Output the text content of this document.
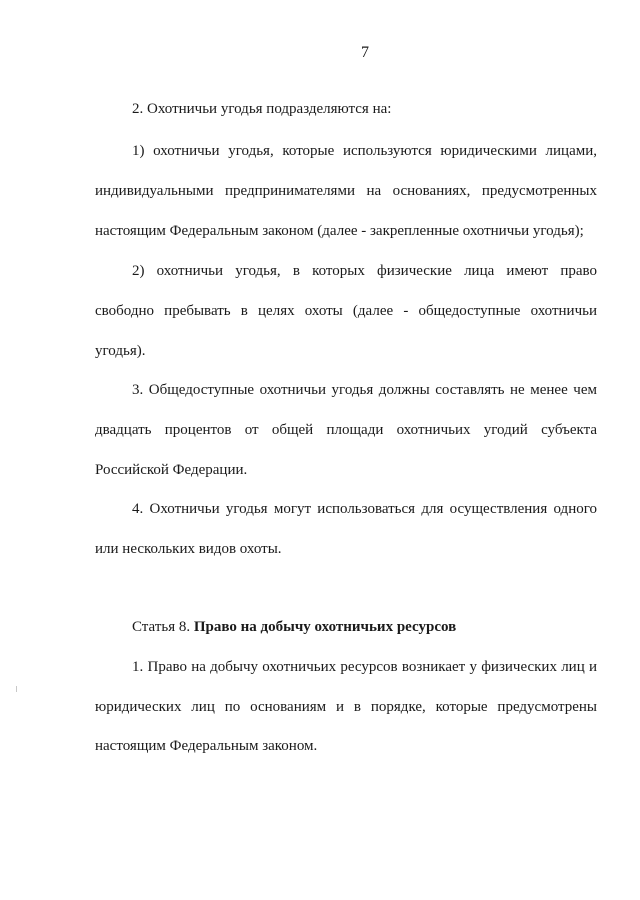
7
2. Охотничьи угодья подразделяются на:
1) охотничьи угодья, которые используются юридическими лицами,
индивидуальными предпринимателями на основаниях, предусмотренных
настоящим Федеральным законом (далее - закрепленные охотничьи угодья);
2) охотничьи угодья, в которых физические лица имеют право
свободно пребывать в целях охоты (далее - общедоступные охотничьи
угодья).
3. Общедоступные охотничьи угодья должны составлять не менее чем
двадцать процентов от общей площади охотничьих угодий субъекта
Российской Федерации.
4. Охотничьи угодья могут использоваться для осуществления одного
или нескольких видов охоты.
Статья 8. Право на добычу охотничьих ресурсов
1. Право на добычу охотничьих ресурсов возникает у физических лиц и
юридических лиц по основаниям и в порядке, которые предусмотрены
настоящим Федеральным законом.
